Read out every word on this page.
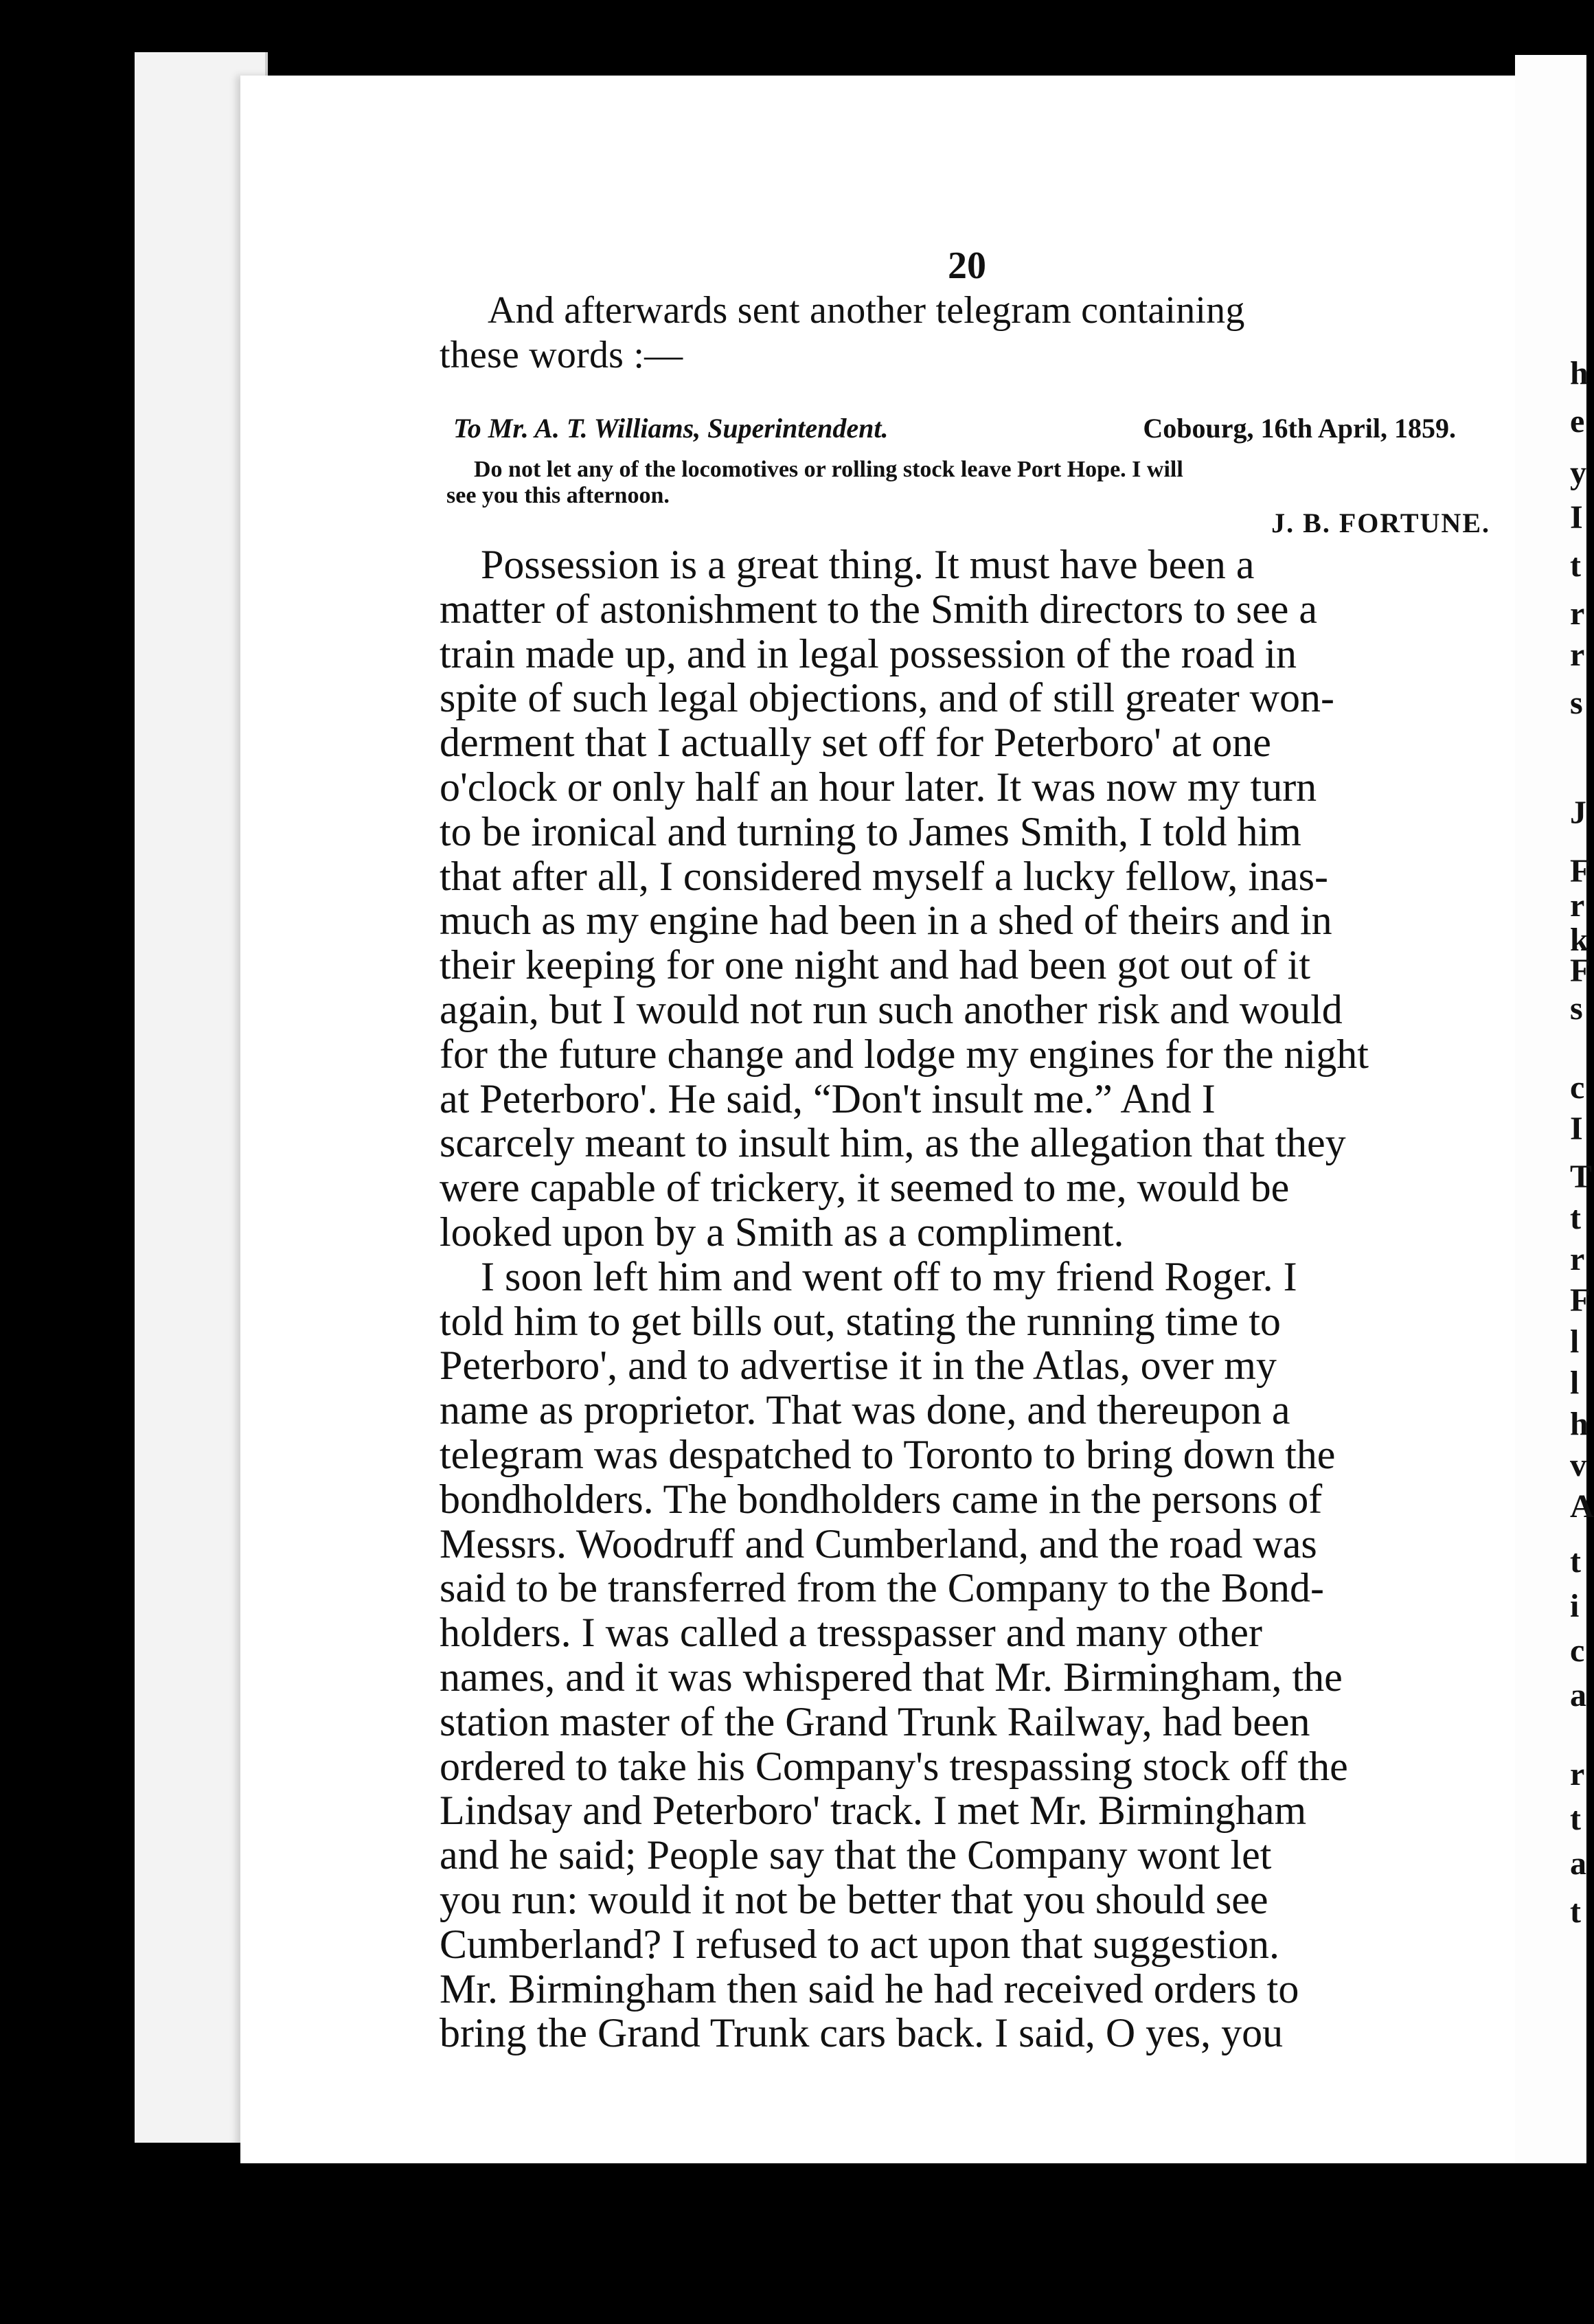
h
e
y
I
t
r
r
s
J
F
r
k
F
s
c
I
T
t
r
F
l
l
h
v
A
t
i
c
a
r
t
a
t
20
And afterwards sent another telegram containing
these words :—
To Mr. A. T. Williams, Superintendent.	Cobourg, 16th April, 1859.
Do not let any of the locomotives or rolling stock leave Port Hope. I will
see you this afternoon.
J. B. FORTUNE.
Possession is a great thing. It must have been a
matter of astonishment to the Smith directors to see a
train made up, and in legal possession of the road in
spite of such legal objections, and of still greater won-
derment that I actually set off for Peterboro' at one
o'clock or only half an hour later. It was now my turn
to be ironical and turning to James Smith, I told him
that after all, I considered myself a lucky fellow, inas-
much as my engine had been in a shed of theirs and in
their keeping for one night and had been got out of it
again, but I would not run such another risk and would
for the future change and lodge my engines for the night
at Peterboro'. He said, “Don't insult me.” And I
scarcely meant to insult him, as the allegation that they
were capable of trickery, it seemed to me, would be
looked upon by a Smith as a compliment.
I soon left him and went off to my friend Roger. I
told him to get bills out, stating the running time to
Peterboro', and to advertise it in the Atlas, over my
name as proprietor. That was done, and thereupon a
telegram was despatched to Toronto to bring down the
bondholders. The bondholders came in the persons of
Messrs. Woodruff and Cumberland, and the road was
said to be transferred from the Company to the Bond-
holders. I was called a tresspasser and many other
names, and it was whispered that Mr. Birmingham, the
station master of the Grand Trunk Railway, had been
ordered to take his Company's trespassing stock off the
Lindsay and Peterboro' track. I met Mr. Birmingham
and he said; People say that the Company wont let
you run: would it not be better that you should see
Cumberland? I refused to act upon that suggestion.
Mr. Birmingham then said he had received orders to
bring the Grand Trunk cars back. I said, O yes, you
